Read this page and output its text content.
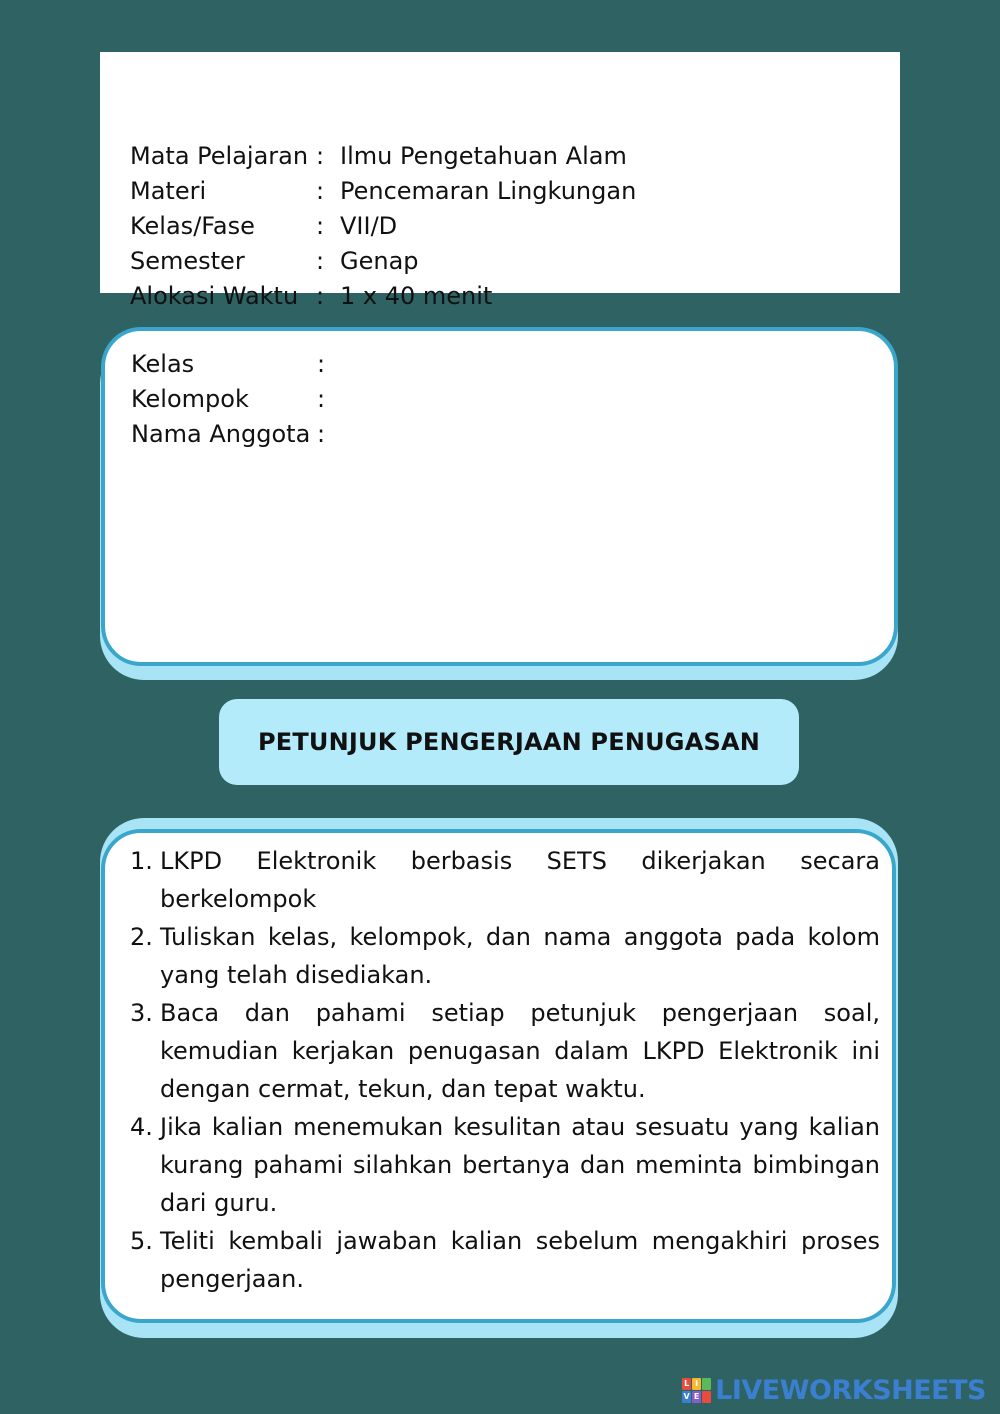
Mata Pelajaran : Ilmu Pengetahuan Alam
Materi	: Pencemaran Lingkungan
Kelas/Fase	: VII/D
Semester	: Genap
Alokasi Waktu : 1 x 40 menit
Kelas	:
Kelompok	:
Nama Anggota :
PETUNJUK PENGERJAAN PENUGASAN
1. LKPD Elektronik berbasis SETS dikerjakan secara berkelompok
2. Tuliskan kelas, kelompok, dan nama anggota pada kolom yang telah disediakan.
3. Baca dan pahami setiap petunjuk pengerjaan soal, kemudian kerjakan penugasan dalam LKPD Elektronik ini dengan cermat, tekun, dan tepat waktu.
4. Jika kalian menemukan kesulitan atau sesuatu yang kalian kurang pahami silahkan bertanya dan meminta bimbingan dari guru.
5. Teliti kembali jawaban kalian sebelum mengakhiri proses pengerjaan.
L I
V E LIVEWORKSHEETS
